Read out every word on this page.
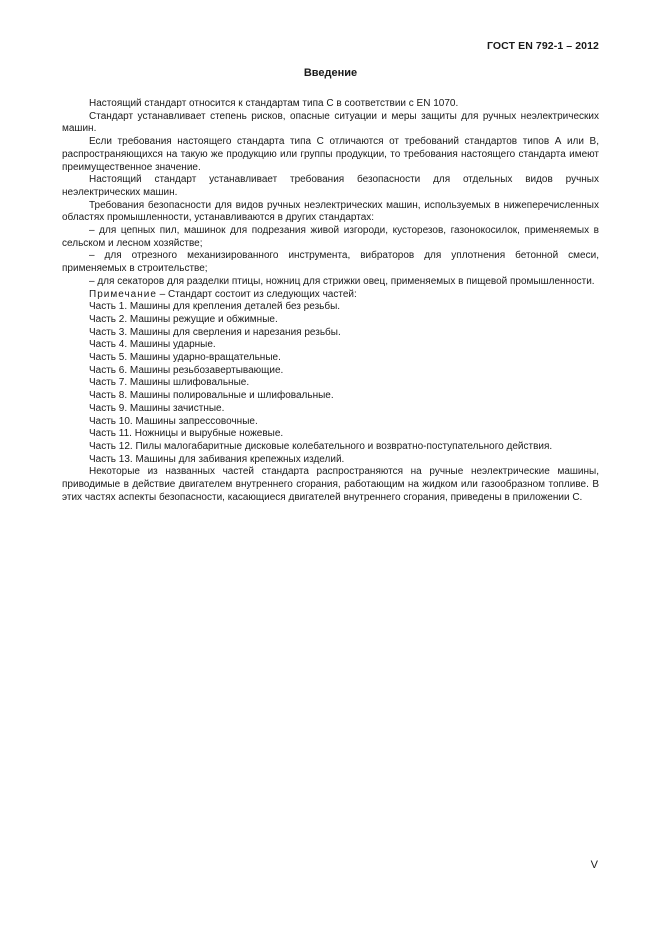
ГОСТ EN 792-1 – 2012
Введение

Настоящий стандарт относится к стандартам типа С в соответствии с EN 1070.

Стандарт устанавливает степень рисков, опасные ситуации и меры защиты для ручных неэлектрических машин.

Если требования настоящего стандарта типа С отличаются от требований стандартов типов А или В, распространяющихся на такую же продукцию или группы продукции, то требования настоящего стандарта имеют преимущественное значение.

Настоящий стандарт устанавливает требования безопасности для отдельных видов ручных неэлектрических машин.

Требования безопасности для видов ручных неэлектрических машин, используемых в нижеперечисленных областях промышленности, устанавливаются в других стандартах:

– для цепных пил, машинок для подрезания живой изгороди, кусторезов, газонокосилок, применяемых в сельском и лесном хозяйстве;

– для отрезного механизированного инструмента, вибраторов для уплотнения бетонной смеси, применяемых в строительстве;

– для секаторов для разделки птицы, ножниц для стрижки овец, применяемых в пищевой промышленности.

Примечание – Стандарт состоит из следующих частей:

Часть 1. Машины для крепления деталей без резьбы.

Часть 2. Машины режущие и обжимные.

Часть 3. Машины для сверления и нарезания резьбы.

Часть 4. Машины ударные.

Часть 5. Машины ударно-вращательные.

Часть 6. Машины резьбозавертывающие.

Часть 7. Машины шлифовальные.

Часть 8. Машины полировальные и шлифовальные.

Часть 9. Машины зачистные.

Часть 10. Машины запрессовочные.

Часть 11. Ножницы и вырубные ножевые.

Часть 12. Пилы малогабаритные дисковые колебательного и возвратно-поступательного действия.

Часть 13. Машины для забивания крепежных изделий.

Некоторые из названных частей стандарта распространяются на ручные неэлектрические машины, приводимые в действие двигателем внутреннего сгорания, работающим на жидком или газообразном топливе. В этих частях аспекты безопасности, касающиеся двигателей внутреннего сгорания, приведены в приложении С.

V
